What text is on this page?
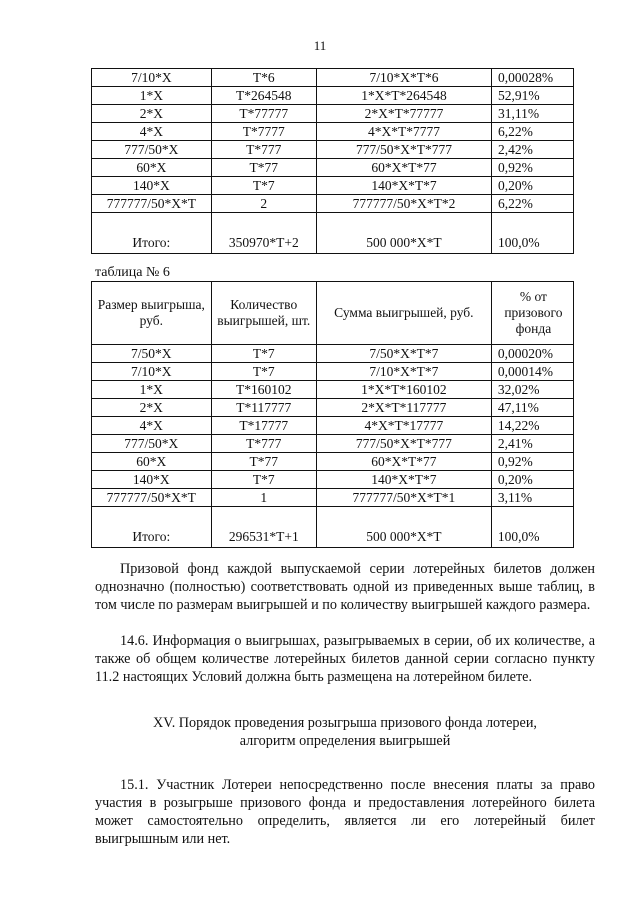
11
7/10*X	T*6	7/10*X*T*6	0,00028%
1*X	T*264548	1*X*T*264548	52,91%
2*X	T*77777	2*X*T*77777	31,11%
4*X	T*7777	4*X*T*7777	6,22%
777/50*X	T*777	777/50*X*T*777	2,42%
60*X	T*77	60*X*T*77	0,92%
140*X	T*7	140*X*T*7	0,20%
777777/50*X*T	2	777777/50*X*T*2	6,22%
Итого:	350970*T+2	500 000*X*T	100,0%
таблица № 6
Размер выигрыша, руб.	Количество выигрышей, шт.	Сумма выигрышей, руб.	% от призового фонда
7/50*X	T*7	7/50*X*T*7	0,00020%
7/10*X	T*7	7/10*X*T*7	0,00014%
1*X	T*160102	1*X*T*160102	32,02%
2*X	T*117777	2*X*T*117777	47,11%
4*X	T*17777	4*X*T*17777	14,22%
777/50*X	T*777	777/50*X*T*777	2,41%
60*X	T*77	60*X*T*77	0,92%
140*X	T*7	140*X*T*7	0,20%
777777/50*X*T	1	777777/50*X*T*1	3,11%
Итого:	296531*T+1	500 000*X*T	100,0%

Призовой фонд каждой выпускаемой серии лотерейных билетов должен однозначно (полностью) соответствовать одной из приведенных выше таблиц, в том числе по размерам выигрышей и по количеству выигрышей каждого размера.

14.6. Информация о выигрышах, разыгрываемых в серии, об их количестве, а также об общем количестве лотерейных билетов данной серии согласно пункту 11.2 настоящих Условий должна быть размещена на лотерейном билете.

XV. Порядок проведения розыгрыша призового фонда лотереи,
алгоритм определения выигрышей

15.1. Участник Лотереи непосредственно после внесения платы за право участия в розыгрыше призового фонда и предоставления лотерейного билета может самостоятельно определить, является ли его лотерейный билет выигрышным или нет.
